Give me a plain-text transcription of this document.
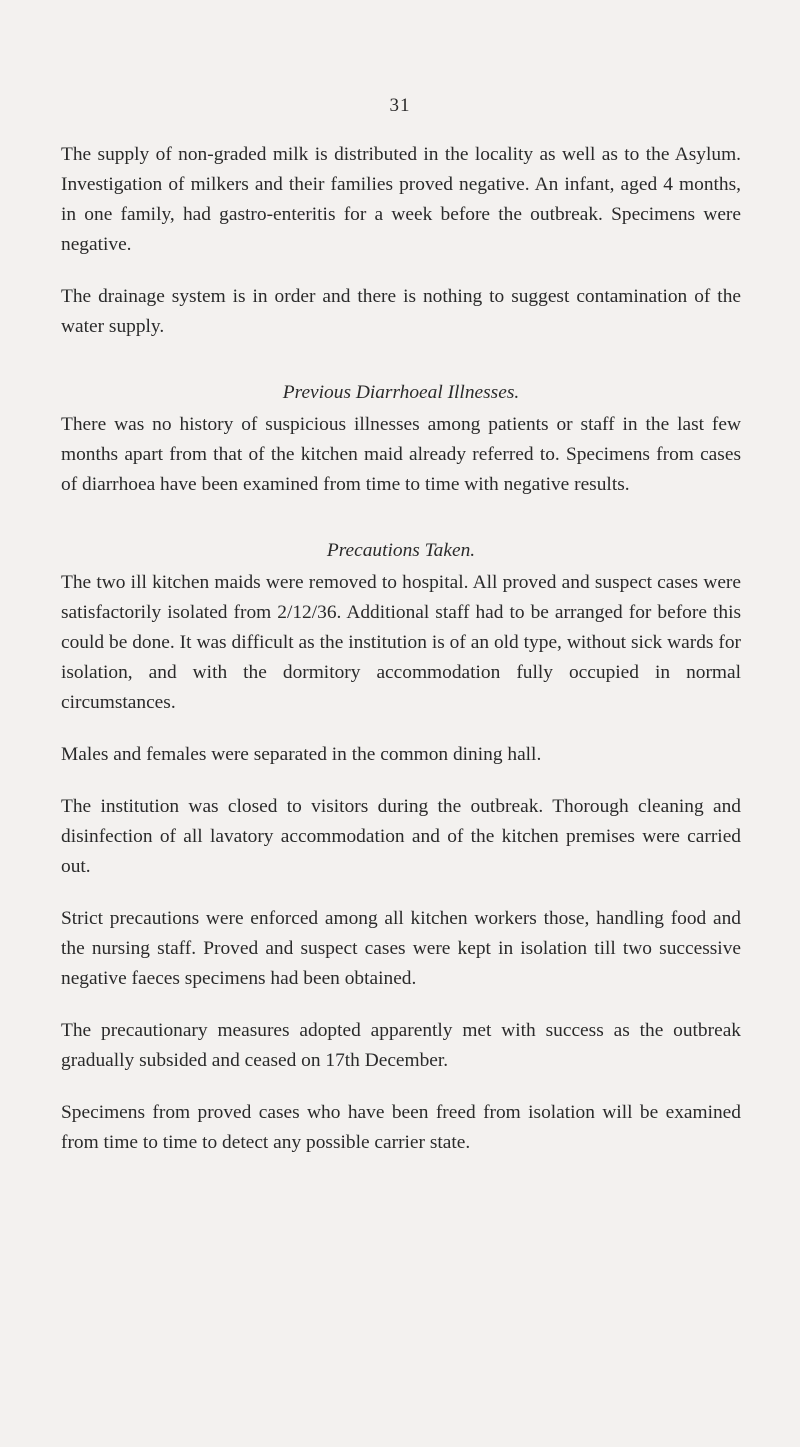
31

The supply of non-graded milk is distributed in the locality as well as to the Asylum. Investigation of milkers and their families proved negative. An infant, aged 4 months, in one family, had gastro-enteritis for a week before the outbreak. Specimens were negative.

The drainage system is in order and there is nothing to suggest contamination of the water supply.

Previous Diarrhoeal Illnesses.

There was no history of suspicious illnesses among patients or staff in the last few months apart from that of the kitchen maid already referred to. Specimens from cases of diarrhoea have been examined from time to time with negative results.

Precautions Taken.

The two ill kitchen maids were removed to hospital. All proved and suspect cases were satisfactorily isolated from 2/12/36. Additional staff had to be arranged for before this could be done. It was difficult as the institution is of an old type, without sick wards for isolation, and with the dormitory accommodation fully occupied in normal circumstances.

Males and females were separated in the common dining hall.

The institution was closed to visitors during the outbreak. Thorough cleaning and disinfection of all lavatory accommodation and of the kitchen premises were carried out.

Strict precautions were enforced among all kitchen workers those, handling food and the nursing staff. Proved and suspect cases were kept in isolation till two successive negative faeces specimens had been obtained.

The precautionary measures adopted apparently met with success as the outbreak gradually subsided and ceased on 17th December.

Specimens from proved cases who have been freed from isolation will be examined from time to time to detect any possible carrier state.
